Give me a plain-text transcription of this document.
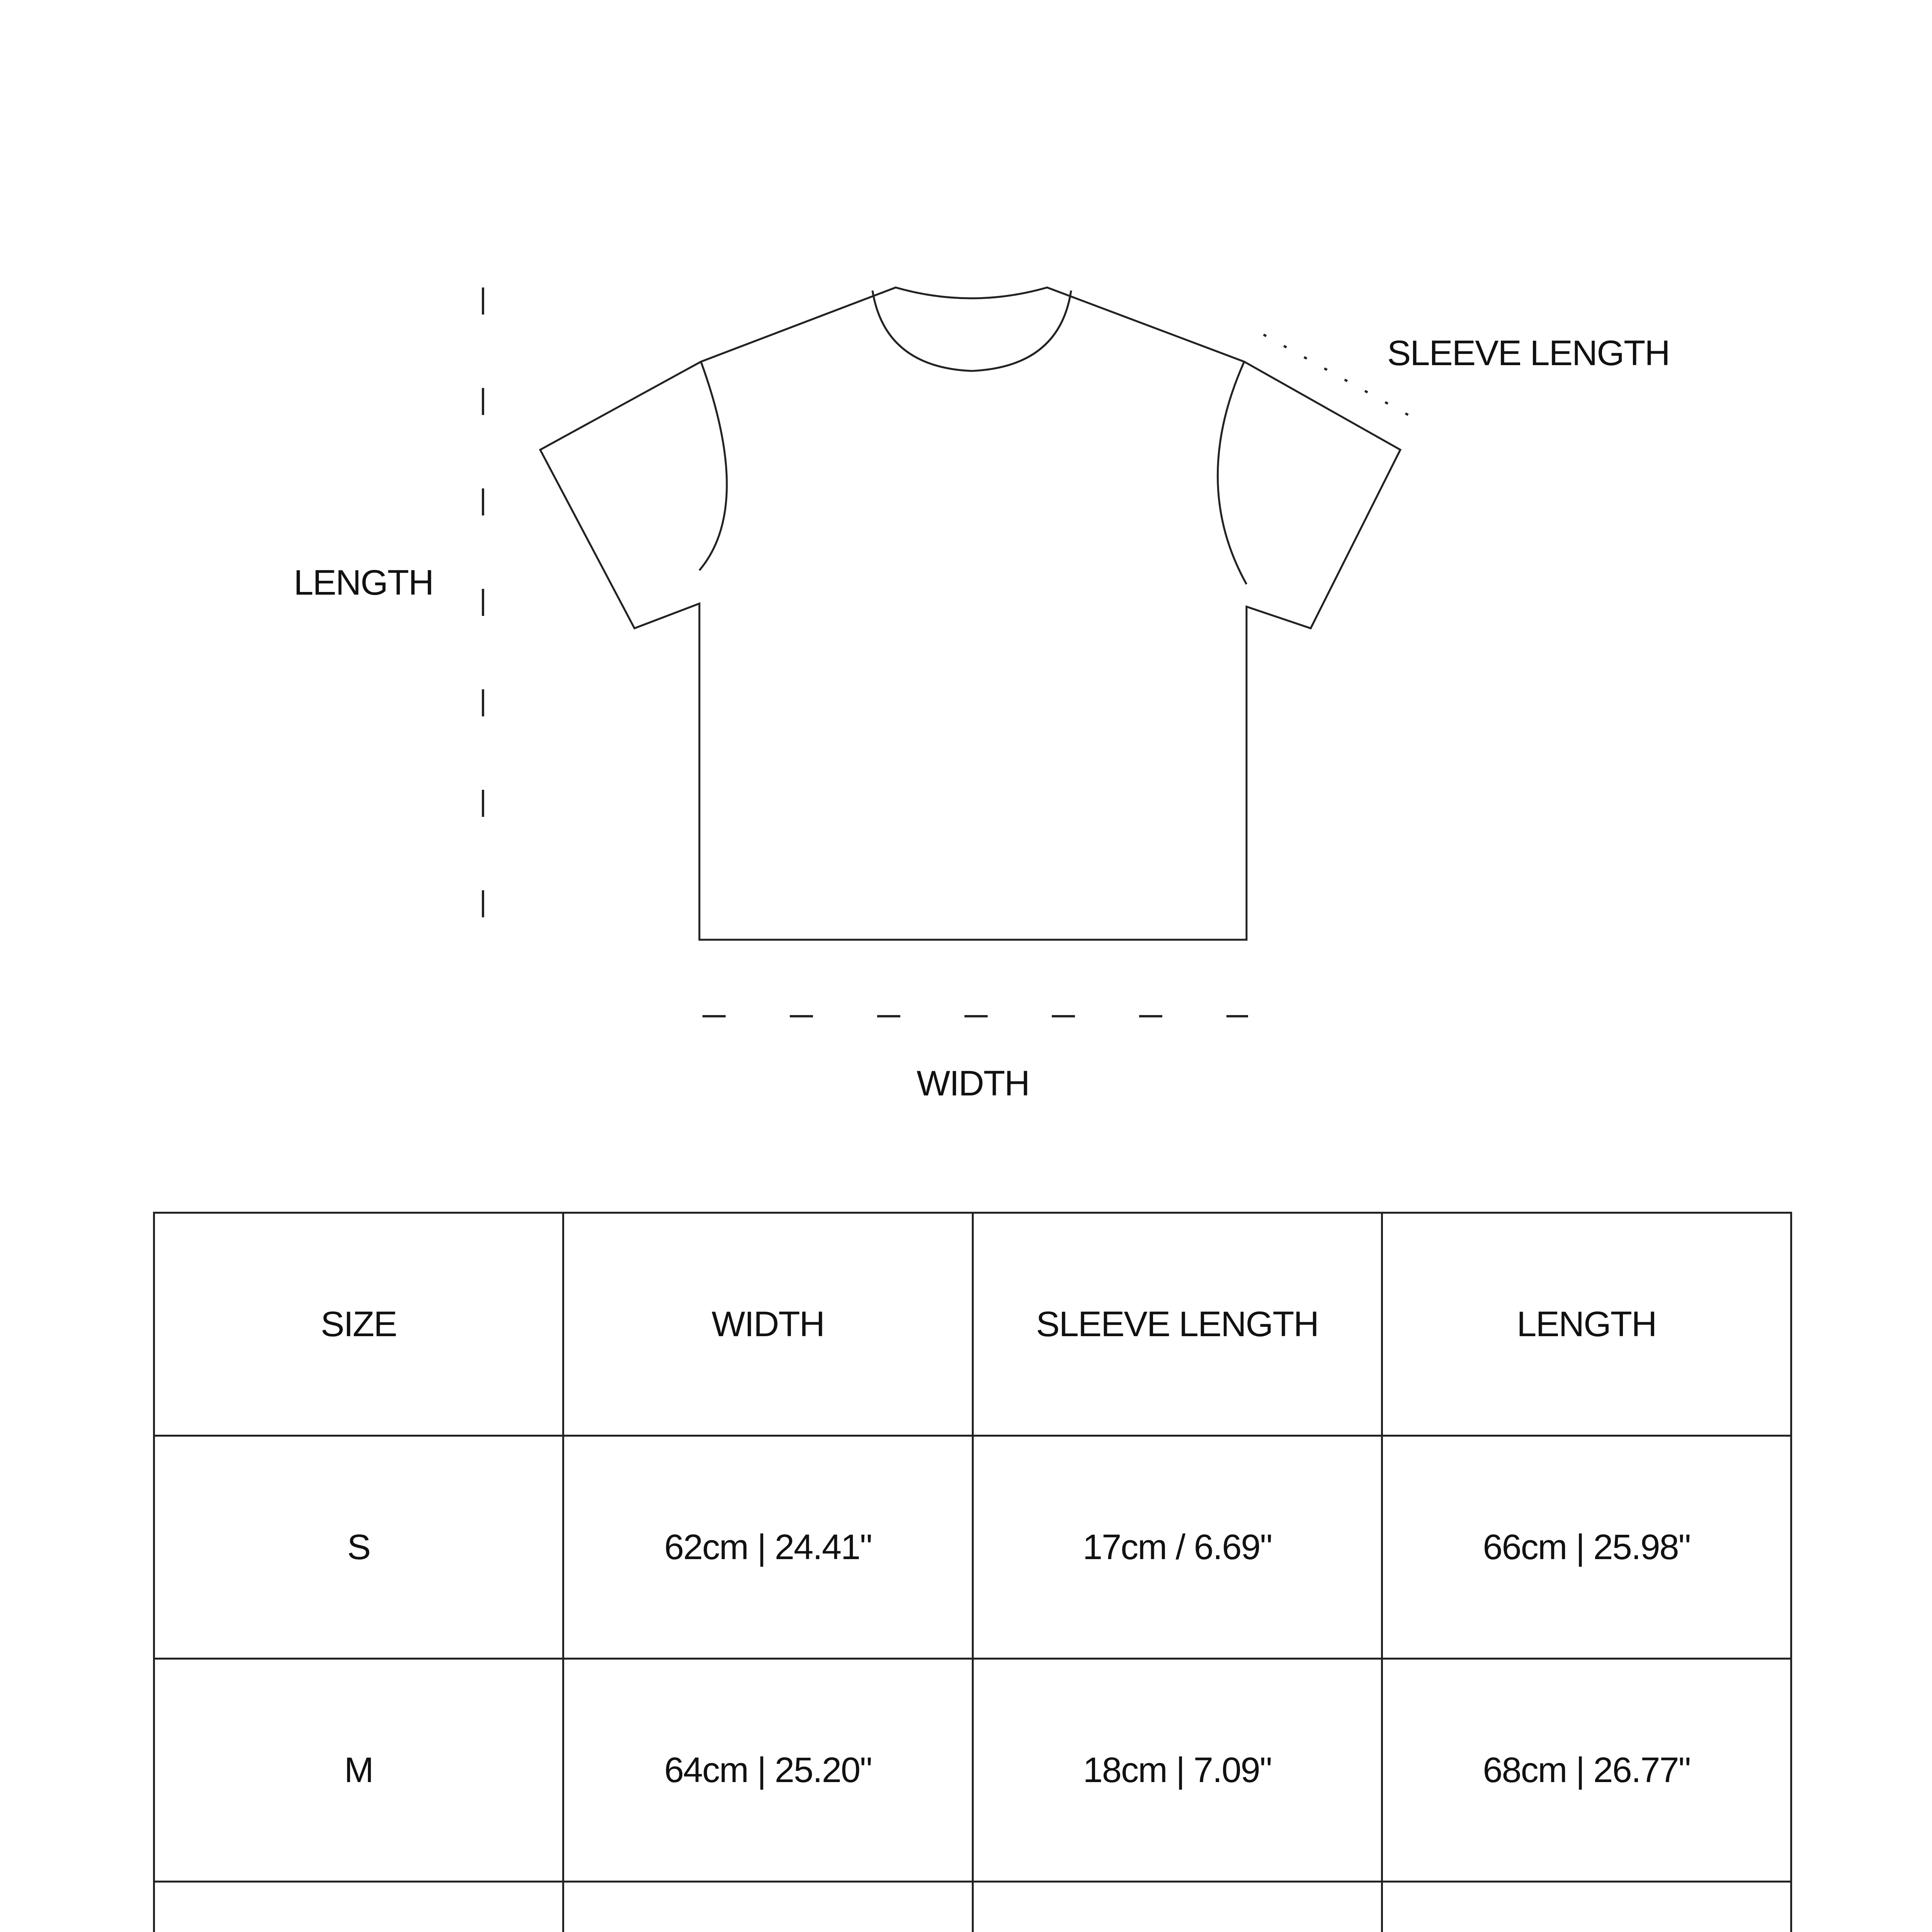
SLEEVE LENGTH
LENGTH
WIDTH
SIZE	WIDTH	SLEEVE LENGTH	LENGTH
S	62cm | 24.41"	17cm / 6.69"	66cm | 25.98"
M	64cm | 25.20"	18cm | 7.09"	68cm | 26.77"
